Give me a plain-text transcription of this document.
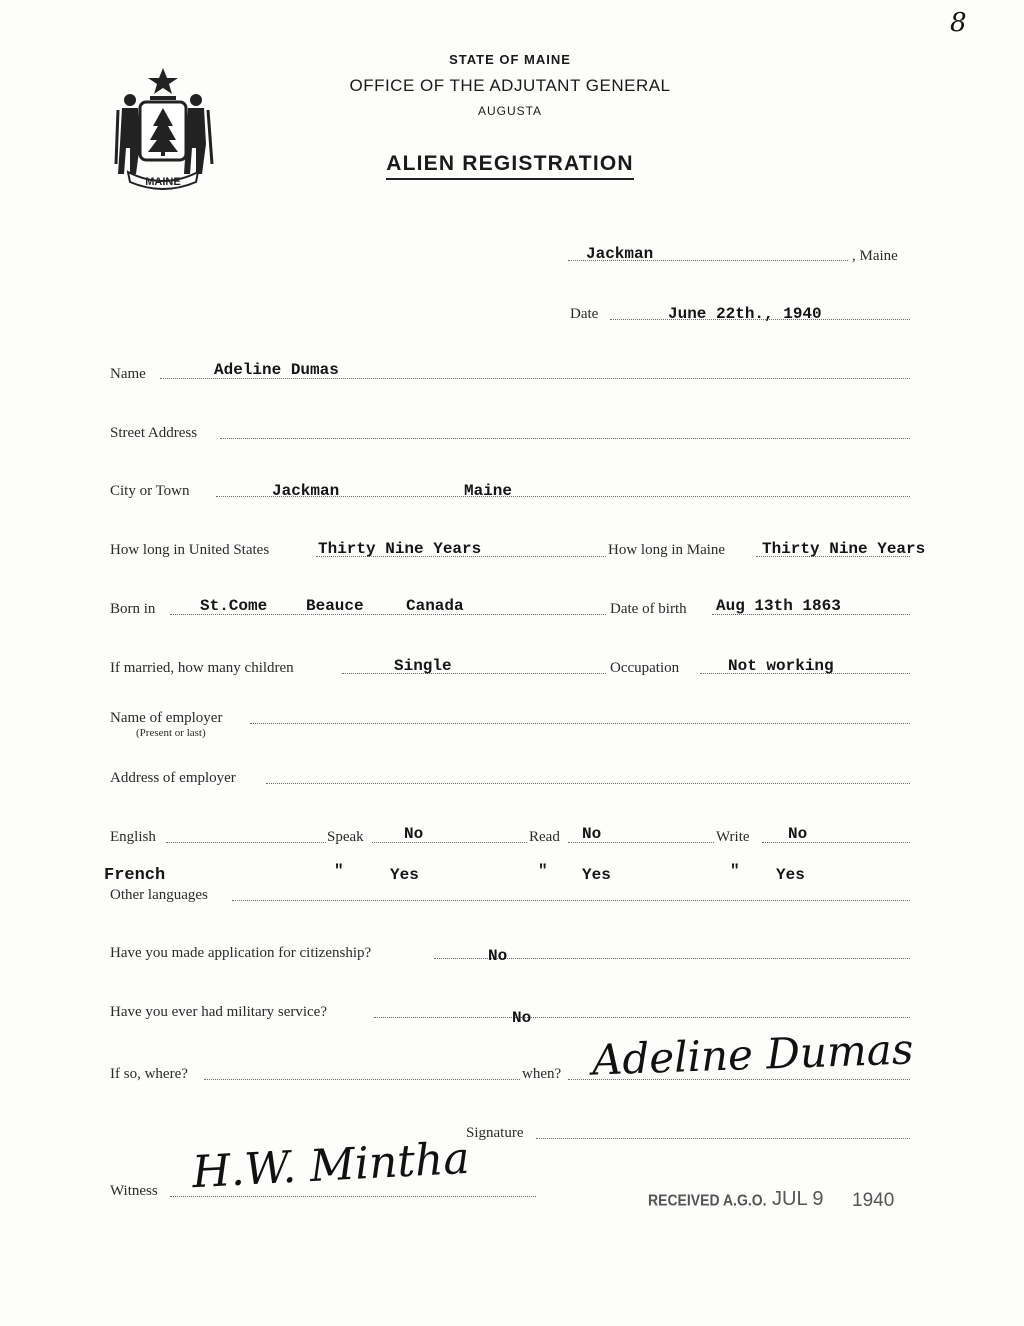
8
MAINE
STATE OF MAINE
OFFICE OF THE ADJUTANT GENERAL
AUGUSTA
ALIEN REGISTRATION
Jackman	, Maine
Date	June 22th., 1940
Name	Adeline Dumas
Street Address
City or Town	Jackman	Maine
How long in United States	Thirty Nine Years	How long in Maine Thirty Nine Years
Born in	St.Come Beauce	Canada	Date of birth Aug 13th 1863
If married, how many children	Single	Occupation	Not working
Name of employer
(Present or last)
Address of employer
English	Speak	No	Read No	Write No
French	"	Yes	" Yes	" Yes
Other languages
Have you made application for citizenship?	No
Have you ever had military service?	No
If so, where?	when? Adeline Dumas
Signature
Witness H.W. Mintha
RECEIVED A.G.O. JUL 9 1940
